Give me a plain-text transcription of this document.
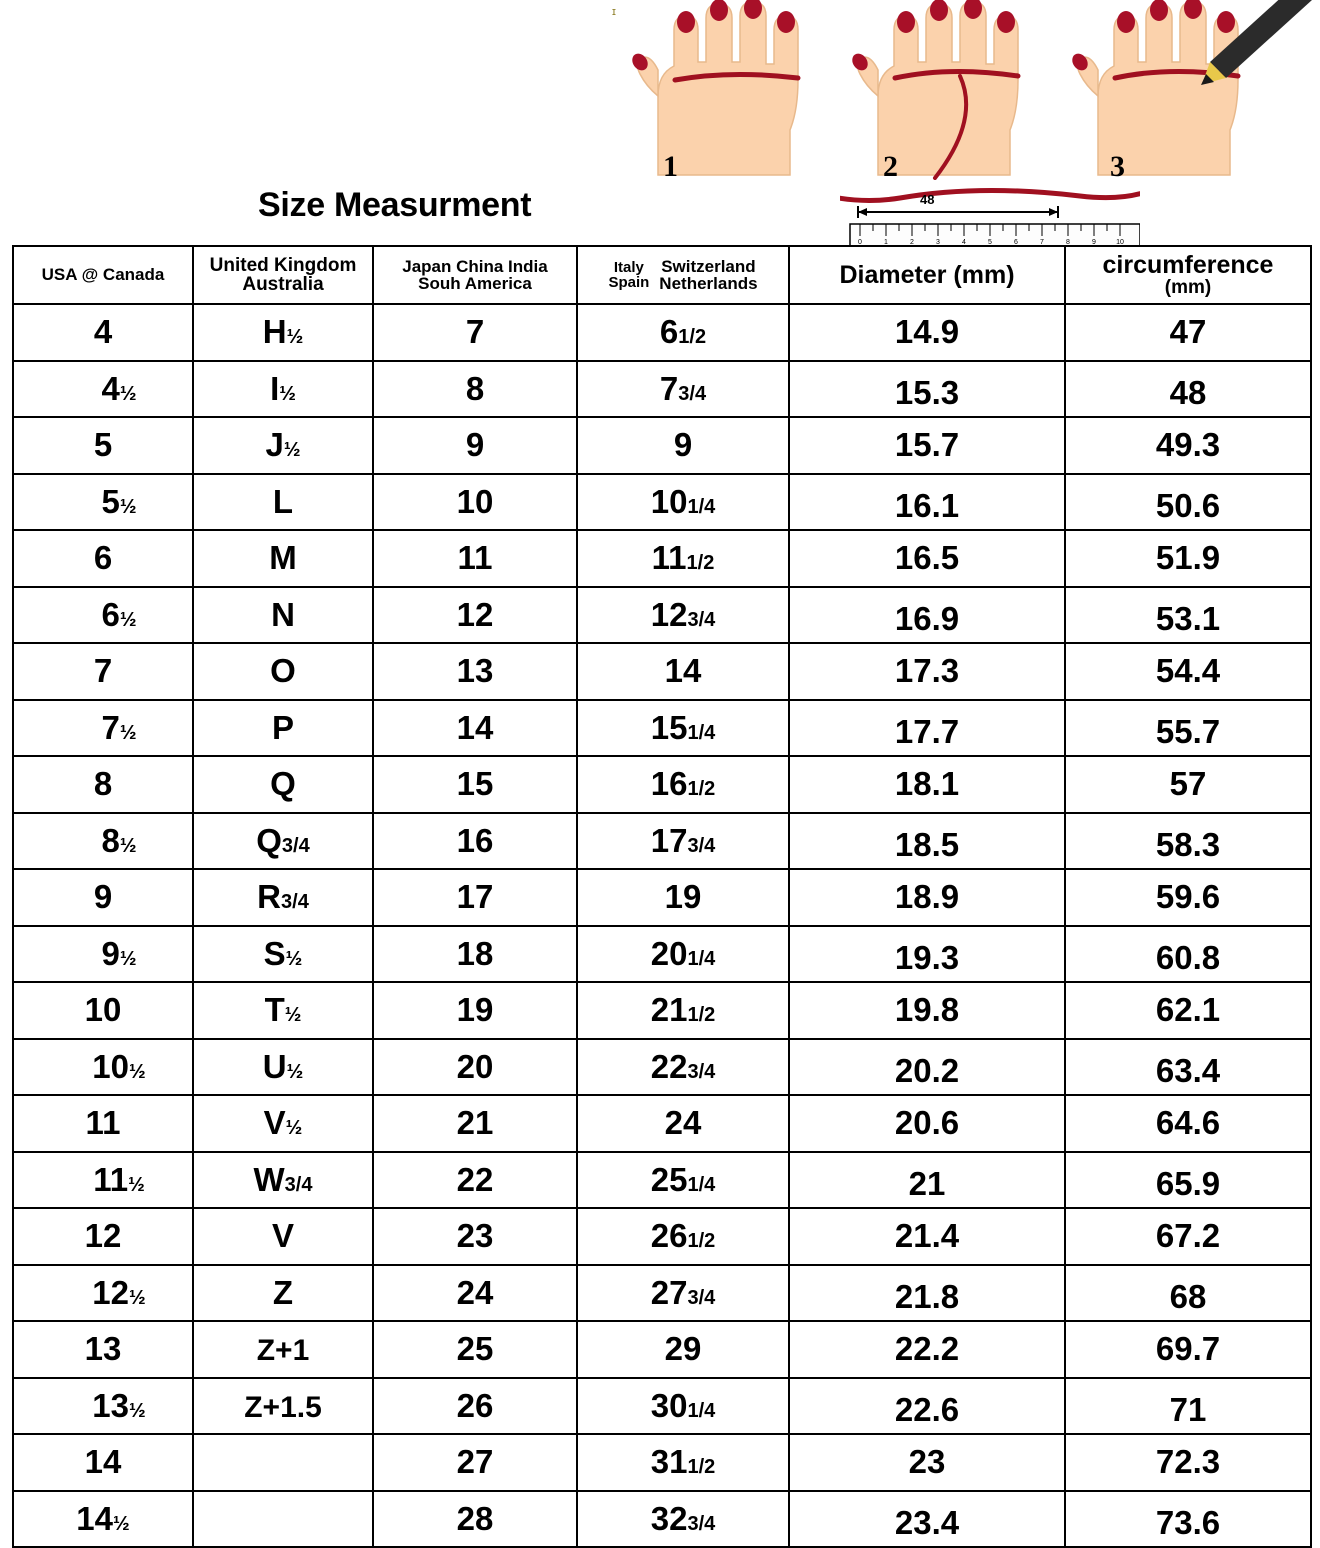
ɪ
1	2	3
0	1	2	3	4	5	6	7	8	9	10
48
Size Measurment
USA @ Canada	United Kingdom
Australia

Japan China India
Souh America

Italy
Spain
Switzerland
Netherlands	Diameter (mm)	circumference
(mm)

4	H ½	7	6 1/2	14.9	47

4 ½	I ½	8	7 3/4	15.3	48

5	J ½	9	9	15.7	49.3

5 ½	L	10	10 1/4	16.1	50.6

6	M	11	11 1/2	16.5	51.9

6 ½	N	12	12 3/4	16.9	53.1

7	O	13	14	17.3	54.4

7 ½	P	14	15 1/4	17.7	55.7

8	Q	15	16 1/2	18.1	57

8 ½	Q 3/4	16	17 3/4	18.5	58.3

9	R 3/4	17	19	18.9	59.6

9 ½	S ½	18	20 1/4	19.3	60.8

10	T ½	19	21 1/2	19.8	62.1

10 ½	U ½	20	22 3/4	20.2	63.4

11	V ½	21	24	20.6	64.6

11 ½	W 3/4	22	25 1/4	21	65.9

12	V	23	26 1/2	21.4	67.2

12 ½	Z	24	27 3/4	21.8	68

13	Z+1	25	29	22.2	69.7

13 ½	Z+1.5	26	30 1/4	22.6	71

14		27	31 1/2	23	72.3

14 ½		28	32 3/4	23.4	73.6
